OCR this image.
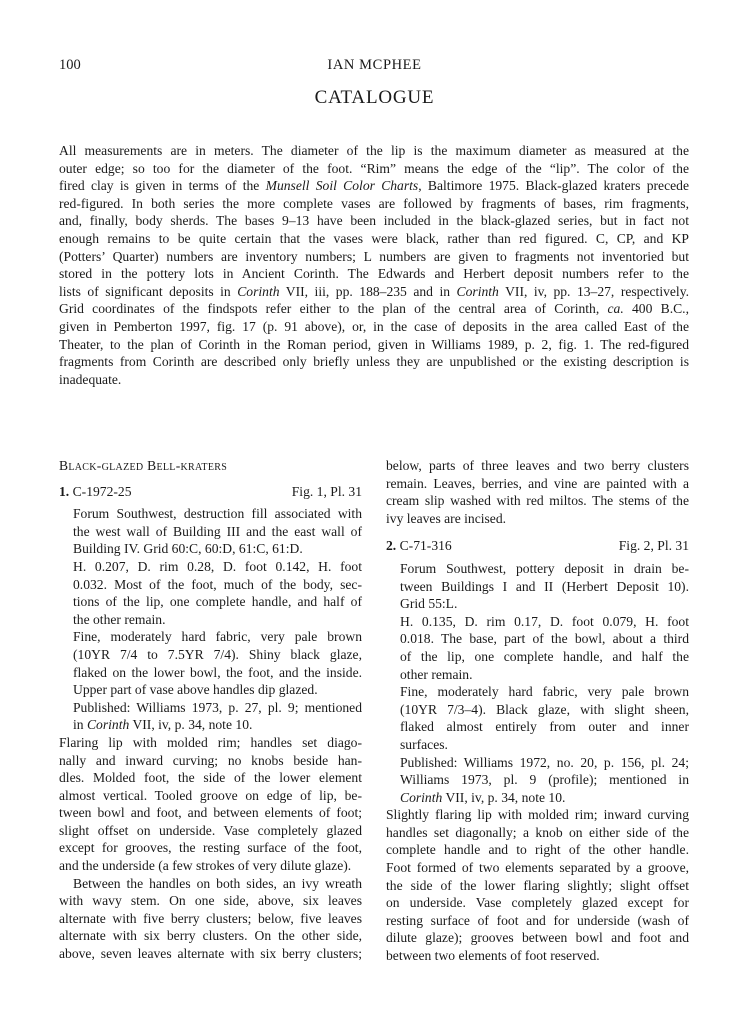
100	IAN MCPHEE
CATALOGUE
All measurements are in meters. The diameter of the lip is the maximum diameter as measured at the
outer edge; so too for the diameter of the foot. “Rim” means the edge of the “lip”. The color of the
fired clay is given in terms of the Munsell Soil Color Charts, Baltimore 1975. Black-glazed kraters precede
red-figured. In both series the more complete vases are followed by fragments of bases, rim fragments,
and, finally, body sherds. The bases 9–13 have been included in the black-glazed series, but in fact not
enough remains to be quite certain that the vases were black, rather than red figured. C, CP, and KP
(Potters’ Quarter) numbers are inventory numbers; L numbers are given to fragments not inventoried but
stored in the pottery lots in Ancient Corinth. The Edwards and Herbert deposit numbers refer to the
lists of significant deposits in Corinth VII, iii, pp. 188–235 and in Corinth VII, iv, pp. 13–27, respectively.
Grid coordinates of the findspots refer either to the plan of the central area of Corinth, ca. 400 B.C.,
given in Pemberton 1997, fig. 17 (p. 91 above), or, in the case of deposits in the area called East of the
Theater, to the plan of Corinth in the Roman period, given in Williams 1989, p. 2, fig. 1. The red-figured
fragments from Corinth are described only briefly unless they are unpublished or the existing description is
inadequate.
Black-glazed Bell-kraters
1. C-1972-25	Fig. 1, Pl. 31
Forum Southwest, destruction fill associated with
the west wall of Building III and the east wall of
Building IV. Grid 60:C, 60:D, 61:C, 61:D.
H. 0.207, D. rim 0.28, D. foot 0.142, H. foot
0.032. Most of the foot, much of the body, sec-
tions of the lip, one complete handle, and half of
the other remain.
Fine, moderately hard fabric, very pale brown
(10YR 7/4 to 7.5YR 7/4). Shiny black glaze,
flaked on the lower bowl, the foot, and the inside.
Upper part of vase above handles dip glazed.
Published: Williams 1973, p. 27, pl. 9; mentioned
in Corinth VII, iv, p. 34, note 10.
Flaring lip with molded rim; handles set diago-
nally and inward curving; no knobs beside han-
dles. Molded foot, the side of the lower element
almost vertical. Tooled groove on edge of lip, be-
tween bowl and foot, and between elements of foot;
slight offset on underside. Vase completely glazed
except for grooves, the resting surface of the foot,
and the underside (a few strokes of very dilute glaze).
Between the handles on both sides, an ivy wreath
with wavy stem. On one side, above, six leaves
alternate with five berry clusters; below, five leaves
alternate with six berry clusters. On the other side,
above, seven leaves alternate with six berry clusters;
below, parts of three leaves and two berry clusters
remain. Leaves, berries, and vine are painted with a
cream slip washed with red miltos. The stems of the
ivy leaves are incised.
2. C-71-316	Fig. 2, Pl. 31
Forum Southwest, pottery deposit in drain be-
tween Buildings I and II (Herbert Deposit 10).
Grid 55:L.
H. 0.135, D. rim 0.17, D. foot 0.079, H. foot
0.018. The base, part of the bowl, about a third
of the lip, one complete handle, and half the
other remain.
Fine, moderately hard fabric, very pale brown
(10YR 7/3–4). Black glaze, with slight sheen,
flaked almost entirely from outer and inner
surfaces.
Published: Williams 1972, no. 20, p. 156, pl. 24;
Williams 1973, pl. 9 (profile); mentioned in
Corinth VII, iv, p. 34, note 10.
Slightly flaring lip with molded rim; inward curving
handles set diagonally; a knob on either side of the
complete handle and to right of the other handle.
Foot formed of two elements separated by a groove,
the side of the lower flaring slightly; slight offset
on underside. Vase completely glazed except for
resting surface of foot and for underside (wash of
dilute glaze); grooves between bowl and foot and
between two elements of foot reserved.
